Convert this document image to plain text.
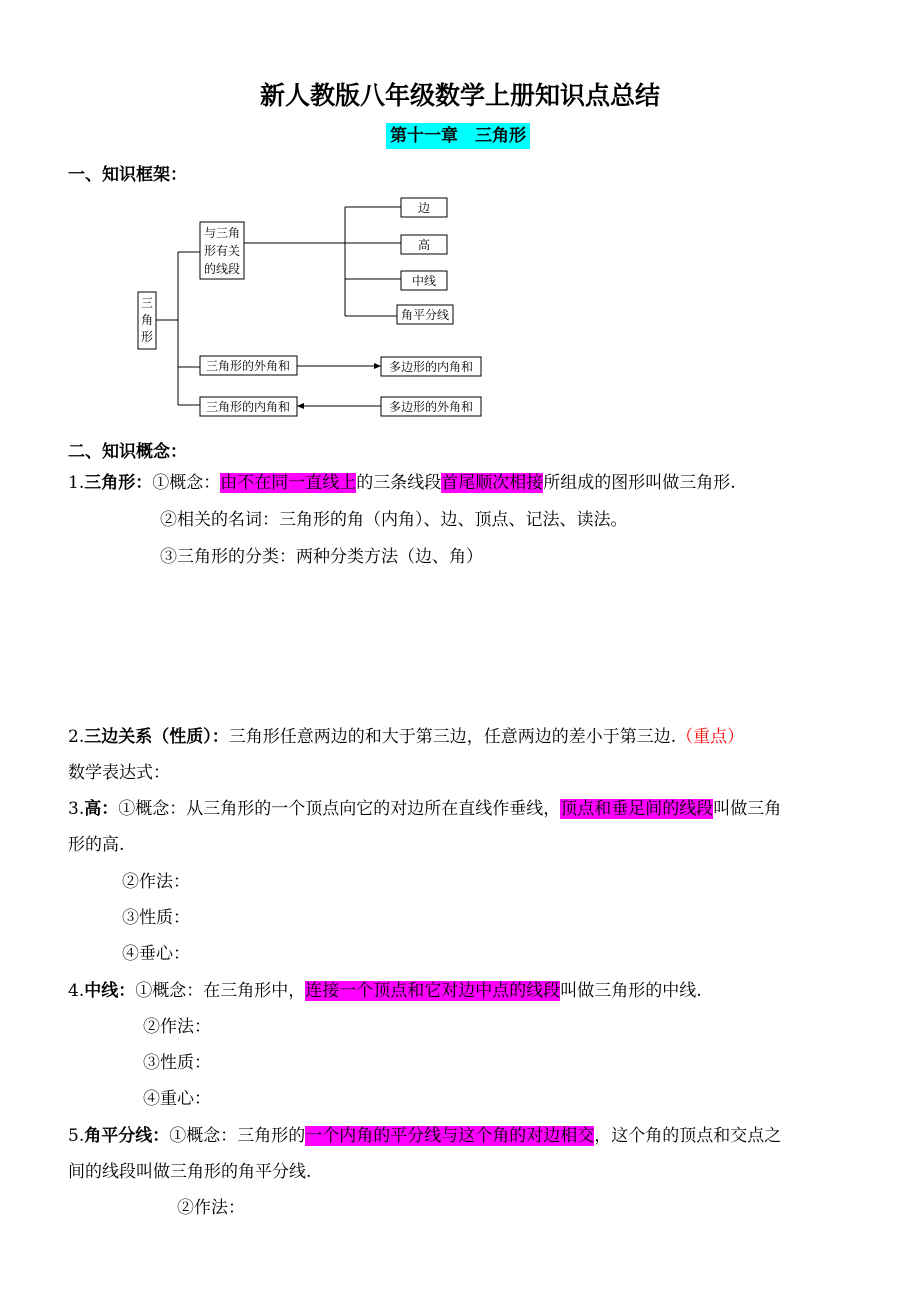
新人教版八年级数学上册知识点总结
第十一章　三角形
一、知识框架：
三
角
形
与三角
形有关
的线段
边
高
中线
角平分线
三角形的外角和
三角形的内角和
多边形的内角和
多边形的外角和
二、知识概念：
1.三角形：①概念：由不在同一直线上的三条线段首尾顺次相接所组成的图形叫做三角形.
②相关的名词：三角形的角（内角）、边、顶点、记法、读法。
③三角形的分类：两种分类方法（边、角）
2.三边关系（性质）：三角形任意两边的和大于第三边，任意两边的差小于第三边.（重点）
数学表达式：
3.高：①概念：从三角形的一个顶点向它的对边所在直线作垂线，顶点和垂足间的线段叫做三角
形的高.
②作法：
③性质：
④垂心：
4.中线：①概念：在三角形中，连接一个顶点和它对边中点的线段叫做三角形的中线.
②作法：
③性质：
④重心：
5.角平分线：①概念：三角形的一个内角的平分线与这个角的对边相交，这个角的顶点和交点之
间的线段叫做三角形的角平分线.
②作法：
